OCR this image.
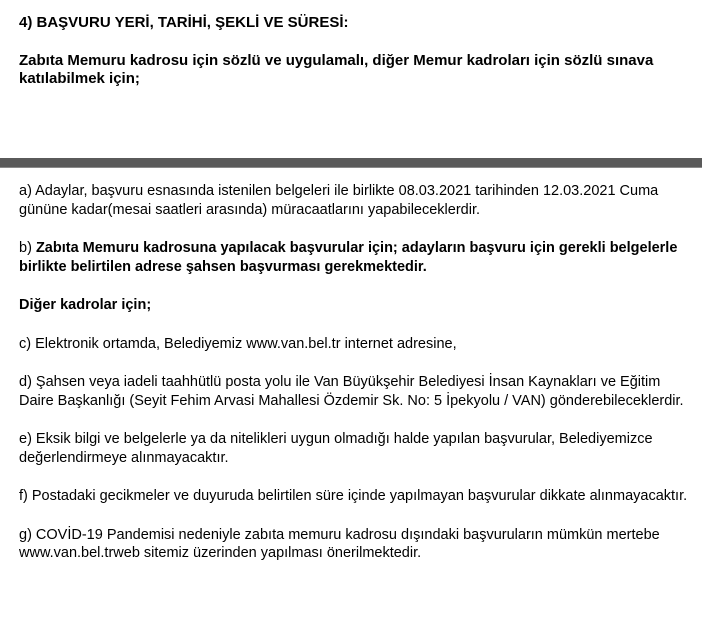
4) BAŞVURU YERİ, TARİHİ, ŞEKLİ VE SÜRESİ:
Zabıta Memuru kadrosu için sözlü ve uygulamalı, diğer Memur kadroları için sözlü sınava katılabilmek için;

a) Adaylar, başvuru esnasında istenilen belgeleri ile birlikte 08.03.2021 tarihinden 12.03.2021 Cuma gününe kadar(mesai saatleri arasında) müracaatlarını yapabileceklerdir.

b) Zabıta Memuru kadrosuna yapılacak başvurular için; adayların başvuru için gerekli belgelerle birlikte belirtilen adrese şahsen başvurması gerekmektedir.

Diğer kadrolar için;

c) Elektronik ortamda, Belediyemiz www.van.bel.tr internet adresine,

d) Şahsen veya iadeli taahhütlü posta yolu ile Van Büyükşehir Belediyesi İnsan Kaynakları ve Eğitim Daire Başkanlığı (Seyit Fehim Arvasi Mahallesi Özdemir Sk. No: 5 İpekyolu / VAN) gönderebileceklerdir.

e) Eksik bilgi ve belgelerle ya da nitelikleri uygun olmadığı halde yapılan başvurular, Belediyemizce değerlendirmeye alınmayacaktır.

f) Postadaki gecikmeler ve duyuruda belirtilen süre içinde yapılmayan başvurular dikkate alınmayacaktır.

g) COVİD-19 Pandemisi nedeniyle zabıta memuru kadrosu dışındaki başvuruların mümkün mertebe www.van.bel.trweb sitemiz üzerinden yapılması önerilmektedir.
